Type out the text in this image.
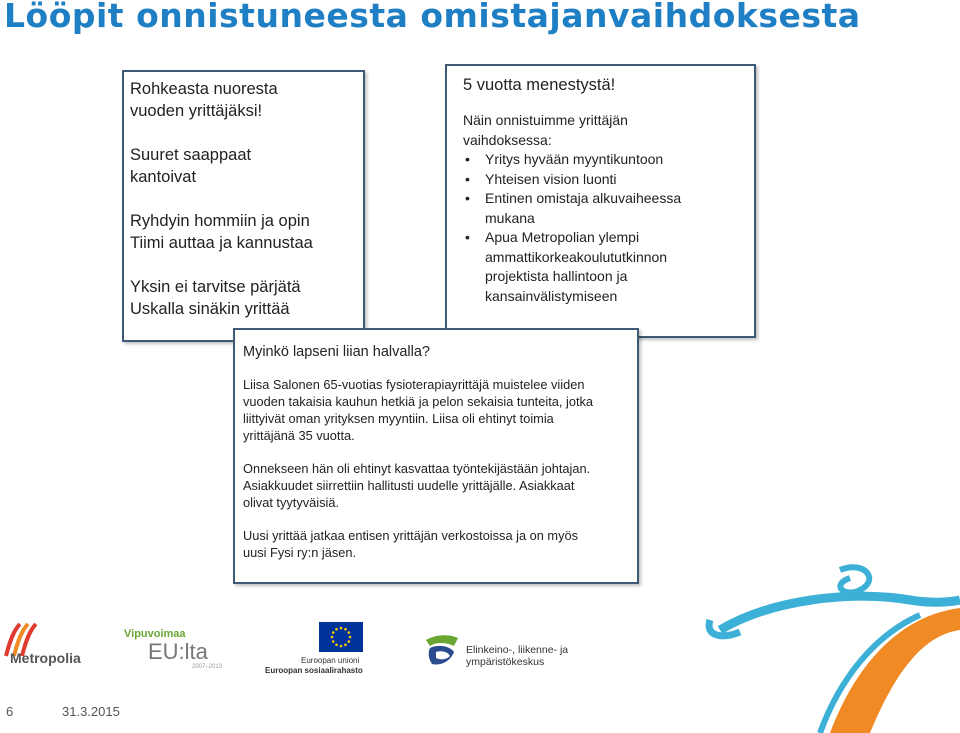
Lööpit onnistuneesta omistajanvaihdoksesta

Rohkeasta nuoresta
vuoden yrittäjäksi!

Suuret saappaat
kantoivat

Ryhdyin hommiin ja opin
Tiimi auttaa ja kannustaa

Yksin ei tarvitse pärjätä
Uskalla sinäkin yrittää

5 vuotta menestystä!

Näin onnistuimme yrittäjän
vaihdoksessa:

• Yritys hyvään myyntikuntoon
• Yhteisen vision luonti
• Entinen omistaja alkuvaiheessa
mukana
• Apua Metropolian ylempi
ammattikorkeakoulututkinnon
projektista hallintoon ja
kansainvälistymiseen
Myinkö lapseni liian halvalla?

Liisa Salonen 65-vuotias fysioterapiayrittäjä muistelee viiden
vuoden takaisia kauhun hetkiä ja pelon sekaisia tunteita, jotka
liittyivät oman yrityksen myyntiin. Liisa oli ehtinyt toimia
yrittäjänä 35 vuotta.

Onnekseen hän oli ehtinyt kasvattaa työntekijästään johtajan.
Asiakkuudet siirrettiin hallitusti uudelle yrittäjälle. Asiakkaat
olivat tyytyväisiä.

Uusi yrittää jatkaa entisen yrittäjän verkostoissa ja on myös
uusi Fysi ry:n jäsen.

Metropolia
Vipuvoimaa
EU:lta
2007–2013
Euroopan unioni
Euroopan sosiaalirahasto
Elinkeino-, liikenne- ja
ympäristökeskus
6	31.3.2015
